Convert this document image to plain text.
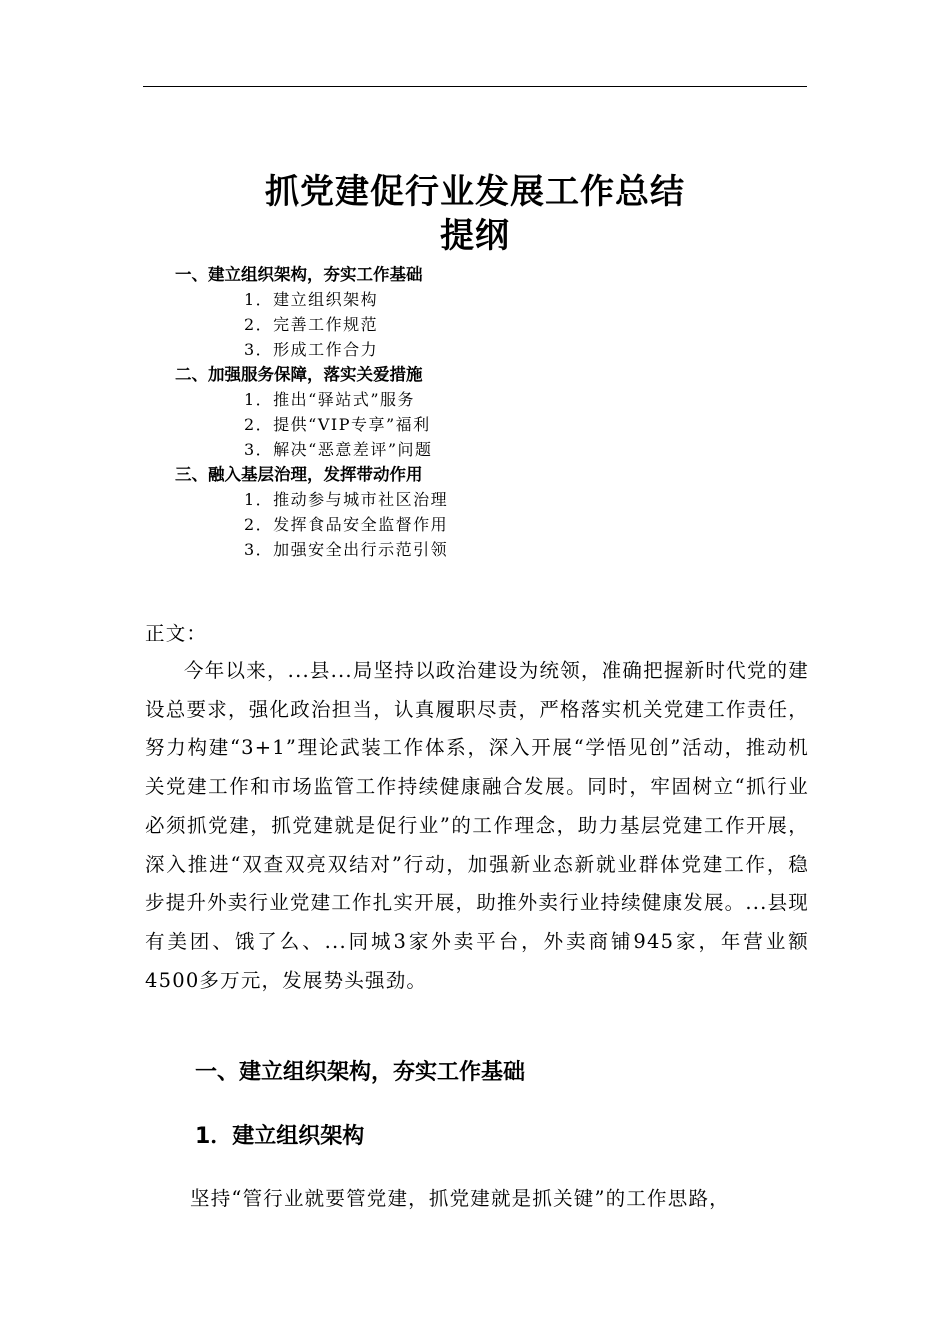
抓党建促行业发展工作总结
提纲
一、建立组织架构，夯实工作基础
1．建立组织架构
2．完善工作规范
3．形成工作合力
二、加强服务保障，落实关爱措施
1．推出“驿站式”服务
2．提供“VIP专享”福利
3．解决“恶意差评”问题
三、融入基层治理，发挥带动作用
1．推动参与城市社区治理
2．发挥食品安全监督作用
3．加强安全出行示范引领
正文：

今年以来，...县...局坚持以政治建设为统领，准确把握新时代党的建设总要求，强化政治担当，认真履职尽责，严格落实机关党建工作责任，努力构建“3+1”理论武装工作体系，深入开展“学悟见创”活动，推动机关党建工作和市场监管工作持续健康融合发展。同时，牢固树立“抓行业必须抓党建，抓党建就是促行业”的工作理念，助力基层党建工作开展，深入推进“双查双亮双结对”行动，加强新业态新就业群体党建工作，稳步提升外卖行业党建工作扎实开展，助推外卖行业持续健康发展。...县现有美团、饿了么、...同城3家外卖平台，外卖商铺945家，年营业额4500多万元，发展势头强劲。

一、建立组织架构，夯实工作基础
1．建立组织架构
坚持“管行业就要管党建，抓党建就是抓关键”的工作思路，
